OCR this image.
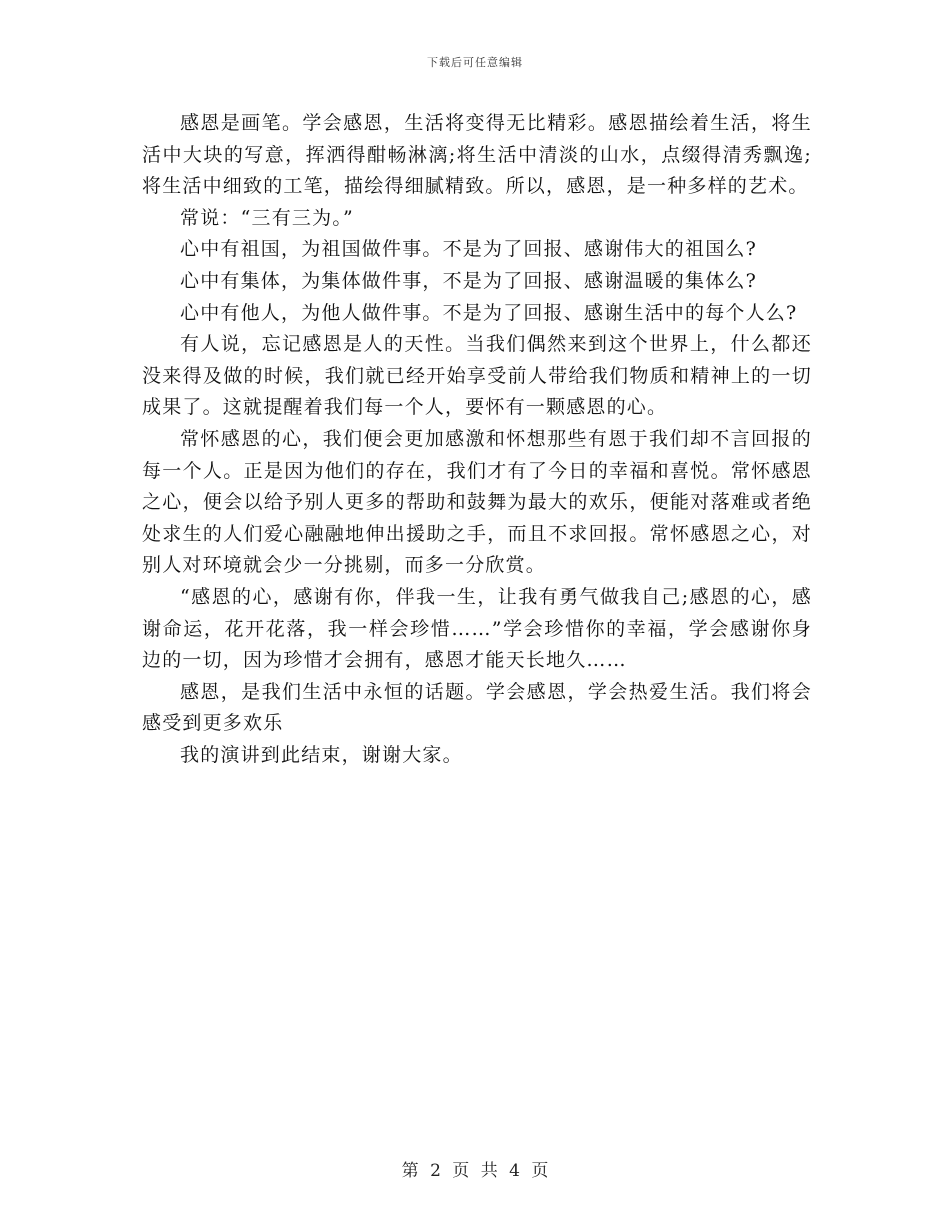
下载后可任意编辑

感恩是画笔。学会感恩，生活将变得无比精彩。感恩描绘着生活，将生活中大块的写意，挥洒得酣畅淋漓;将生活中清淡的山水，点缀得清秀飘逸;将生活中细致的工笔，描绘得细腻精致。所以，感恩，是一种多样的艺术。

常说：“三有三为。”

心中有祖国，为祖国做件事。不是为了回报、感谢伟大的祖国么?

心中有集体，为集体做件事，不是为了回报、感谢温暖的集体么?

心中有他人，为他人做件事。不是为了回报、感谢生活中的每个人么?

有人说，忘记感恩是人的天性。当我们偶然来到这个世界上，什么都还没来得及做的时候，我们就已经开始享受前人带给我们物质和精神上的一切成果了。这就提醒着我们每一个人，要怀有一颗感恩的心。

常怀感恩的心，我们便会更加感激和怀想那些有恩于我们却不言回报的每一个人。正是因为他们的存在，我们才有了今日的幸福和喜悦。常怀感恩之心，便会以给予别人更多的帮助和鼓舞为最大的欢乐，便能对落难或者绝处求生的人们爱心融融地伸出援助之手，而且不求回报。常怀感恩之心，对别人对环境就会少一分挑剔，而多一分欣赏。

“感恩的心，感谢有你，伴我一生，让我有勇气做我自己;感恩的心，感谢命运，花开花落，我一样会珍惜……”学会珍惜你的幸福，学会感谢你身边的一切，因为珍惜才会拥有，感恩才能天长地久……

感恩，是我们生活中永恒的话题。学会感恩，学会热爱生活。我们将会感受到更多欢乐

我的演讲到此结束，谢谢大家。

第 2 页 共 4 页
